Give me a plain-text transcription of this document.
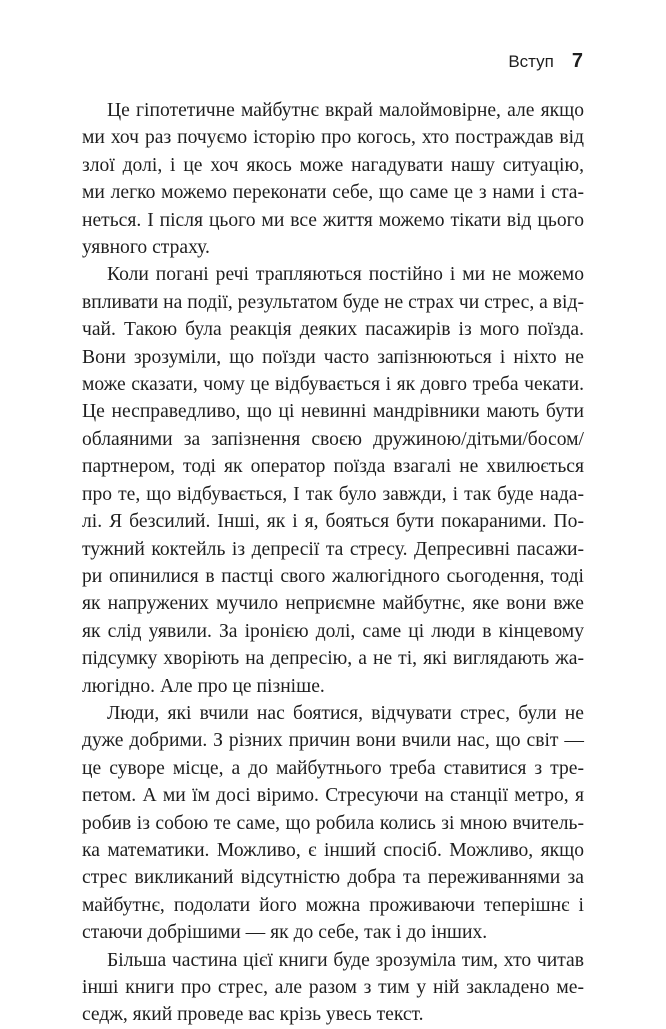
Вступ 7

Це гіпотетичне майбутнє вкрай малоймовірне, але якщо
ми хоч раз почуємо історію про когось, хто постраждав від
злої долі, і це хоч якось може нагадувати нашу ситуацію,
ми легко можемо переконати себе, що саме це з нами і ста-
неться. І після цього ми все життя можемо тікати від цього
уявного страху.

Коли погані речі трапляються постійно і ми не можемо
впливати на події, результатом буде не страх чи стрес, а від-
чай. Такою була реакція деяких пасажирів із мого поїзда.
Вони зрозуміли, що поїзди часто запізнюються і ніхто не
може сказати, чому це відбувається і як довго треба чекати.
Це несправедливо, що ці невинні мандрівники мають бути
облаяними за запізнення своєю дружиною/дітьми/босом/
партнером, тоді як оператор поїзда взагалі не хвилюється
про те, що відбувається, І так було завжди, і так буде нада-
лі. Я безсилий. Інші, як і я, бояться бути покараними. По-
тужний коктейль із депресії та стресу. Депресивні пасажи-
ри опинилися в пастці свого жалюгідного сьогодення, тоді
як напружених мучило неприємне майбутнє, яке вони вже
як слід уявили. За іронією долі, саме ці люди в кінцевому
підсумку хворіють на депресію, а не ті, які виглядають жа-
люгідно. Але про це пізніше.

Люди, які вчили нас боятися, відчувати стрес, були не
дуже добрими. З різних причин вони вчили нас, що світ —
це суворе місце, а до майбутнього треба ставитися з тре-
петом. А ми їм досі віримо. Стресуючи на станції метро, я
робив із собою те саме, що робила колись зі мною вчитель-
ка математики. Можливо, є інший спосіб. Можливо, якщо
стрес викликаний відсутністю добра та переживаннями за
майбутнє, подолати його можна проживаючи теперішнє і
стаючи добрішими — як до себе, так і до інших.

Більша частина цієї книги буде зрозуміла тим, хто читав
інші книги про стрес, але разом з тим у ній закладено ме-
седж, який проведе вас крізь увесь текст.
